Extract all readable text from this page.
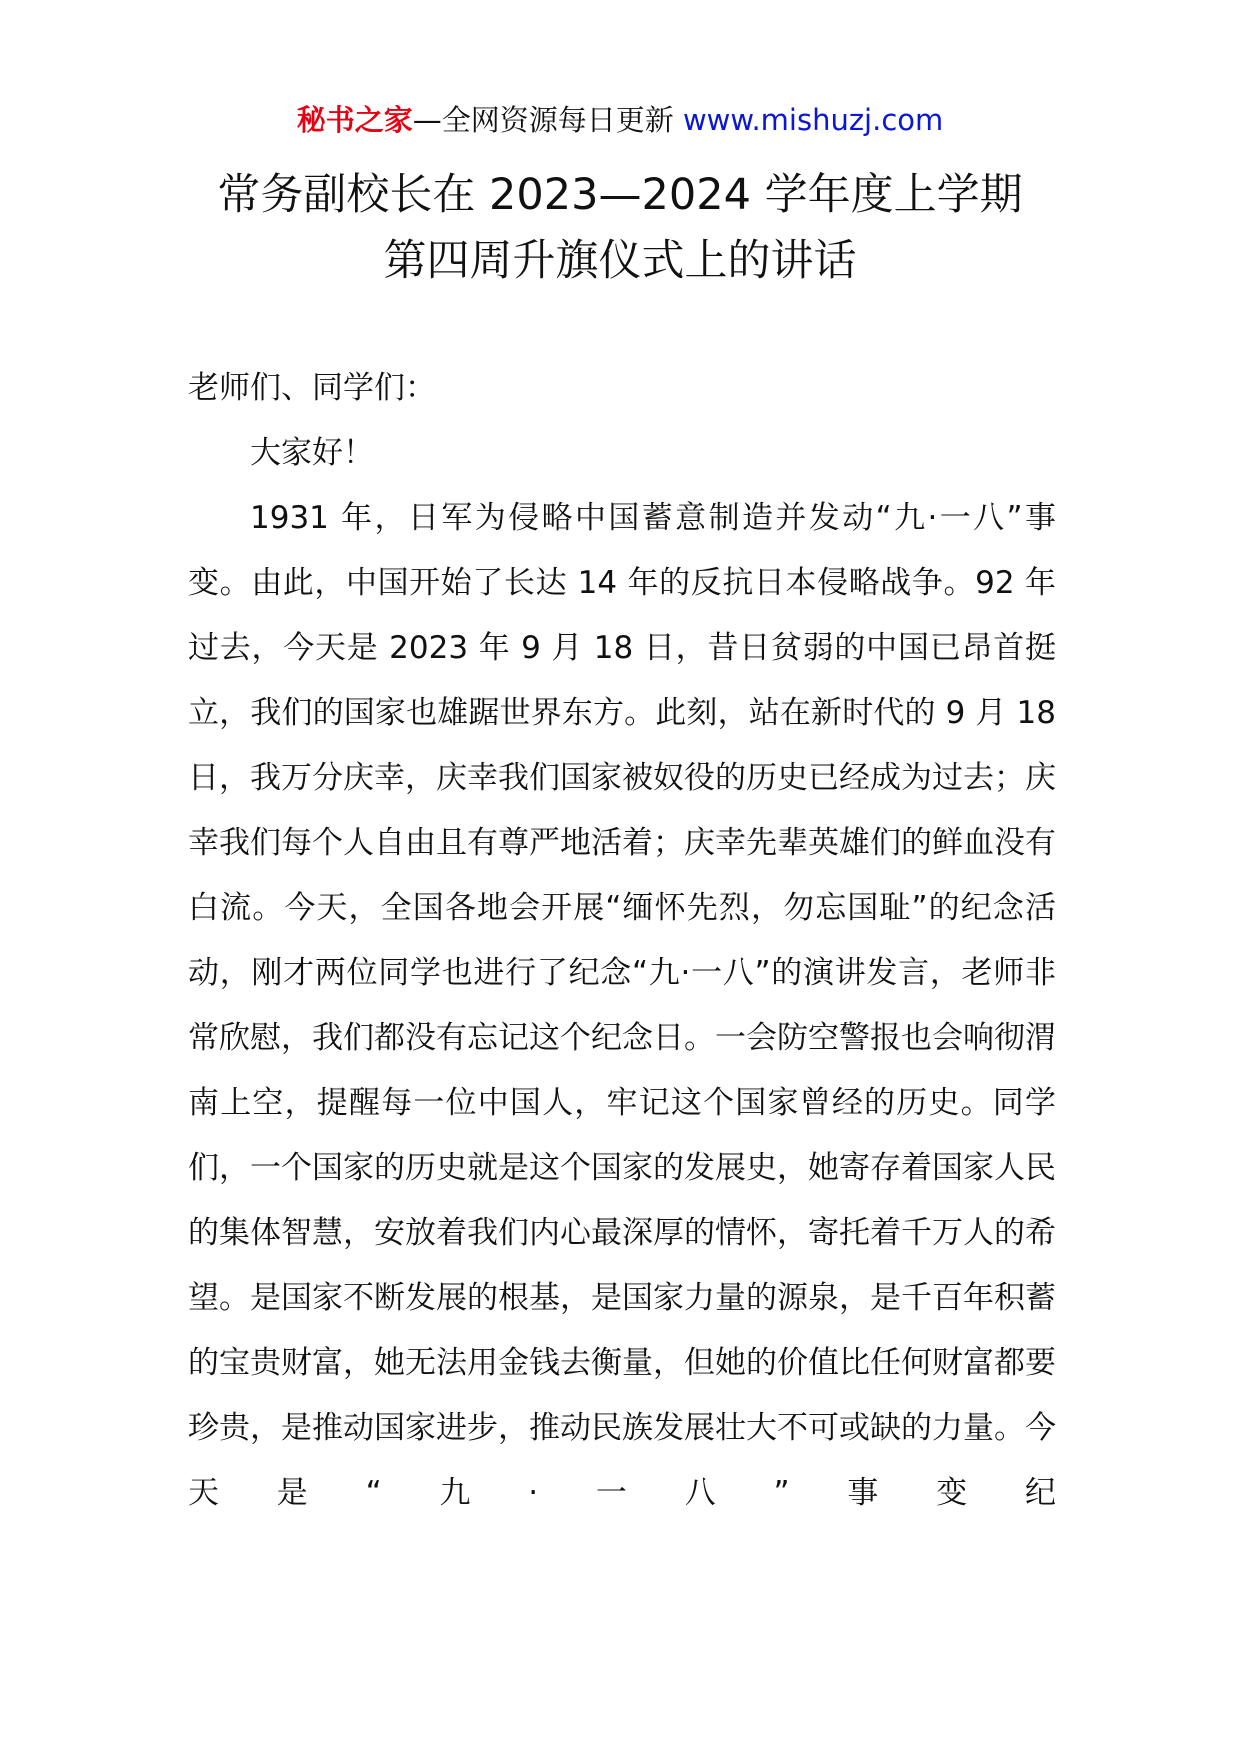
秘书之家—全网资源每日更新 www.mishuzj.com
常务副校长在 2023—2024 学年度上学期
第四周升旗仪式上的讲话

老师们、同学们：

大家好！

1931 年，日军为侵略中国蓄意制造并发动“九·一八”事变。由此，中国开始了长达 14 年的反抗日本侵略战争。92 年过去，今天是 2023 年 9 月 18 日，昔日贫弱的中国已昂首挺立，我们的国家也雄踞世界东方。此刻，站在新时代的 9 月 18 日，我万分庆幸，庆幸我们国家被奴役的历史已经成为过去；庆幸我们每个人自由且有尊严地活着；庆幸先辈英雄们的鲜血没有白流。今天，全国各地会开展“缅怀先烈，勿忘国耻”的纪念活动，刚才两位同学也进行了纪念“九·一八”的演讲发言，老师非常欣慰，我们都没有忘记这个纪念日。一会防空警报也会响彻渭南上空，提醒每一位中国人，牢记这个国家曾经的历史。同学们，一个国家的历史就是这个国家的发展史，她寄存着国家人民的集体智慧，安放着我们内心最深厚的情怀，寄托着千万人的希望。是国家不断发展的根基，是国家力量的源泉，是千百年积蓄的宝贵财富，她无法用金钱去衡量，但她的价值比任何财富都要珍贵，是推动国家进步，推动民族发展壮大不可或缺的力量。今天是“九·一八”事变纪
